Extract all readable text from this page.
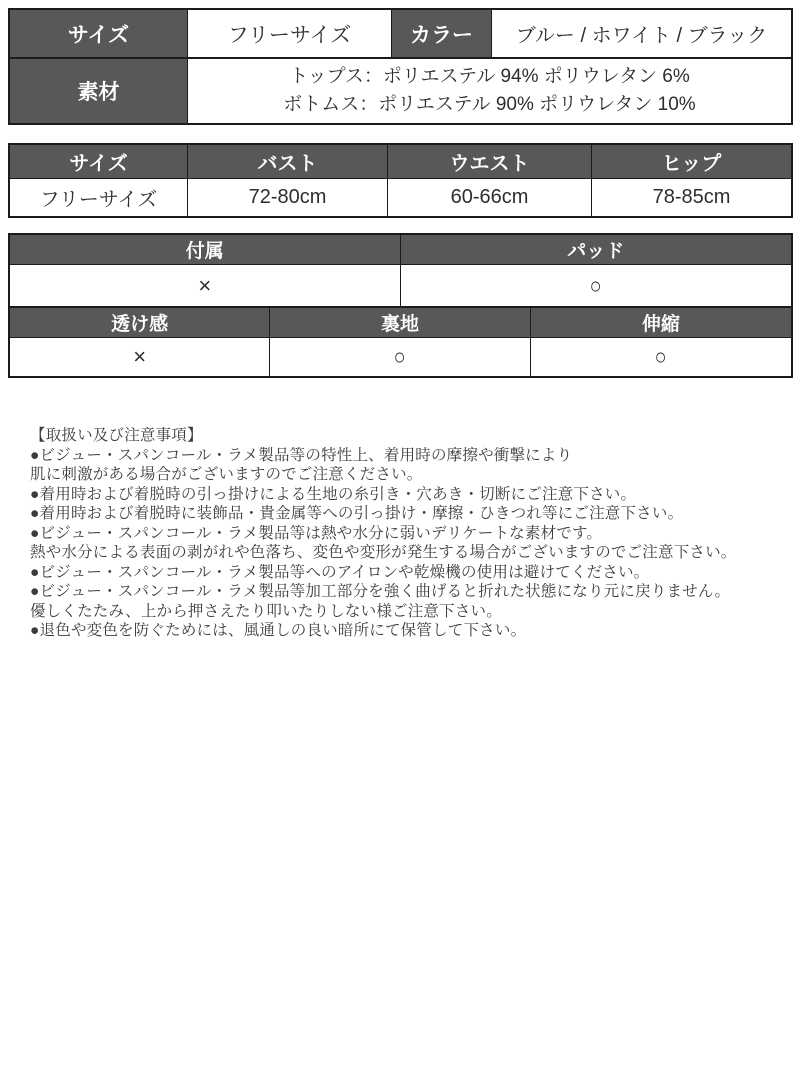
サイズ	フリーサイズ	カラー	ブルー / ホワイト / ブラック
素材
トップス：ポリエステル 94% ポリウレタン 6%
ボトムス：ポリエステル 90% ポリウレタン 10%
サイズ	バスト	ウエスト	ヒップ
フリーサイズ	72-80cm	60-66cm	78-85cm
付属	パッド
×	○
透け感	裏地	伸縮
×	○	○
【取扱い及び注意事項】
●ビジュー・スパンコール・ラメ製品等の特性上、着用時の摩擦や衝撃により
肌に刺激がある場合がございますのでご注意ください。
●着用時および着脱時の引っ掛けによる生地の糸引き・穴あき・切断にご注意下さい。
●着用時および着脱時に装飾品・貴金属等への引っ掛け・摩擦・ひきつれ等にご注意下さい。
●ビジュー・スパンコール・ラメ製品等は熱や水分に弱いデリケートな素材です。
熱や水分による表面の剥がれや色落ち、変色や変形が発生する場合がございますのでご注意下さい。
●ビジュー・スパンコール・ラメ製品等へのアイロンや乾燥機の使用は避けてください。
●ビジュー・スパンコール・ラメ製品等加工部分を強く曲げると折れた状態になり元に戻りません。
優しくたたみ、上から押さえたり叩いたりしない様ご注意下さい。
●退色や変色を防ぐためには、風通しの良い暗所にて保管して下さい。
